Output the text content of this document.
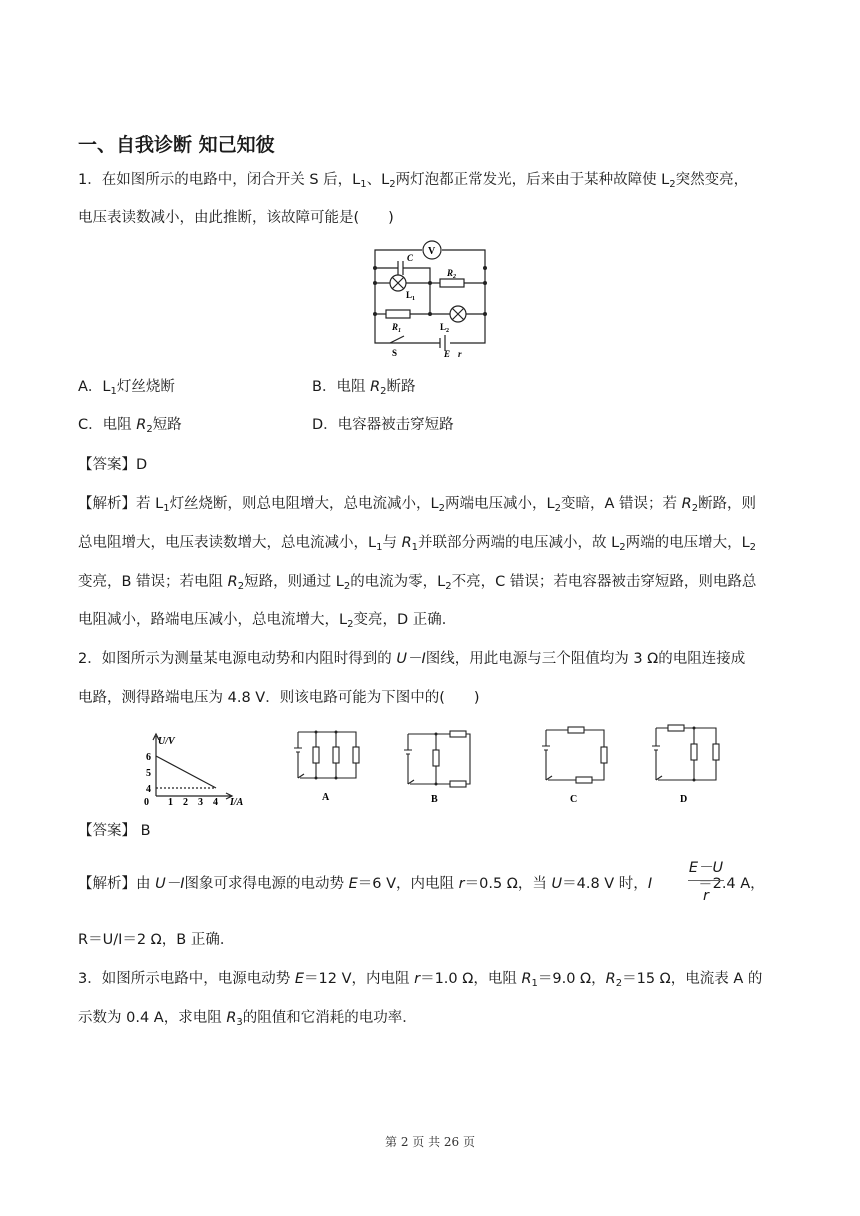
一、自我诊断 知己知彼
1．在如图所示的电路中，闭合开关 S 后，$L_1$、$L_2$两灯泡都正常发光，后来由于某种故障使 $L_2$突然变亮，
电压表读数减小，由此推断，该故障可能是(　　)
V
C
$R_2$
$L_1$
$R_1$	$L_2$
S	E r
A．$L_1$灯丝烧断	B．电阻 $R_2$断路
C．电阻 $R_2$短路	D．电容器被击穿短路
【答案】D
【解析】若 $L_1$灯丝烧断，则总电阻增大，总电流减小，$L_2$两端电压减小，$L_2$变暗，A 错误；若 $R_2$断路，则
总电阻增大，电压表读数增大，总电流减小，$L_1$与 $R_1$并联部分两端的电压减小，故 $L_2$两端的电压增大，$L_2$
变亮，B 错误；若电阻 $R_2$短路，则通过 $L_2$的电流为零，$L_2$不亮，C 错误；若电容器被击穿短路，则电路总
电阻减小，路端电压减小，总电流增大，$L_2$变亮，D 正确．
2．如图所示为测量某电源电动势和内阻时得到的 U－I图线，用此电源与三个阻值均为 3 Ω的电阻连接成
电路，测得路端电压为 4.8 V．则该电路可能为下图中的(　　)
6
5
4
0 1 2 3 4
U/V
I/A	A	B	C	D
【答案】 B
【解析】由 U－I图象可求得电源的电动势 E＝6 V，内电阻 r＝0.5 Ω，当 U＝4.8 V 时，I	＝2.4 A，
E－U
r
R＝U/I＝2 Ω，B 正确．
3．如图所示电路中，电源电动势 E＝12 V，内电阻 r＝1.0 Ω，电阻 $R_1=9.0$ Ω，$R_2=15$ Ω，电流表 A 的
示数为 0.4 A，求电阻 $R_3$的阻值和它消耗的电功率．
第 2 页 共 26 页
